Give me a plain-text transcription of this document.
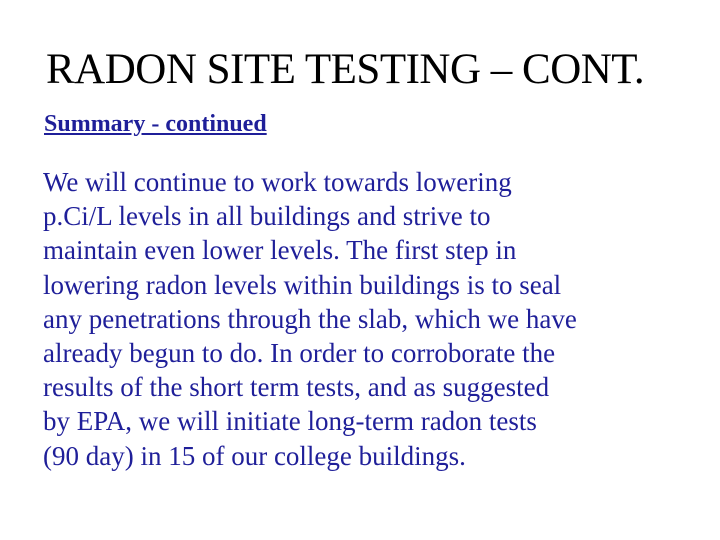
RADON SITE TESTING – CONT.
Summary - continued

We will continue to work towards lowering
p.Ci/L levels in all buildings and strive to
maintain even lower levels. The first step in
lowering radon levels within buildings is to seal
any penetrations through the slab, which we have
already begun to do. In order to corroborate the
results of the short term tests, and as suggested
by EPA, we will initiate long-term radon tests
(90 day) in 15 of our college buildings.
